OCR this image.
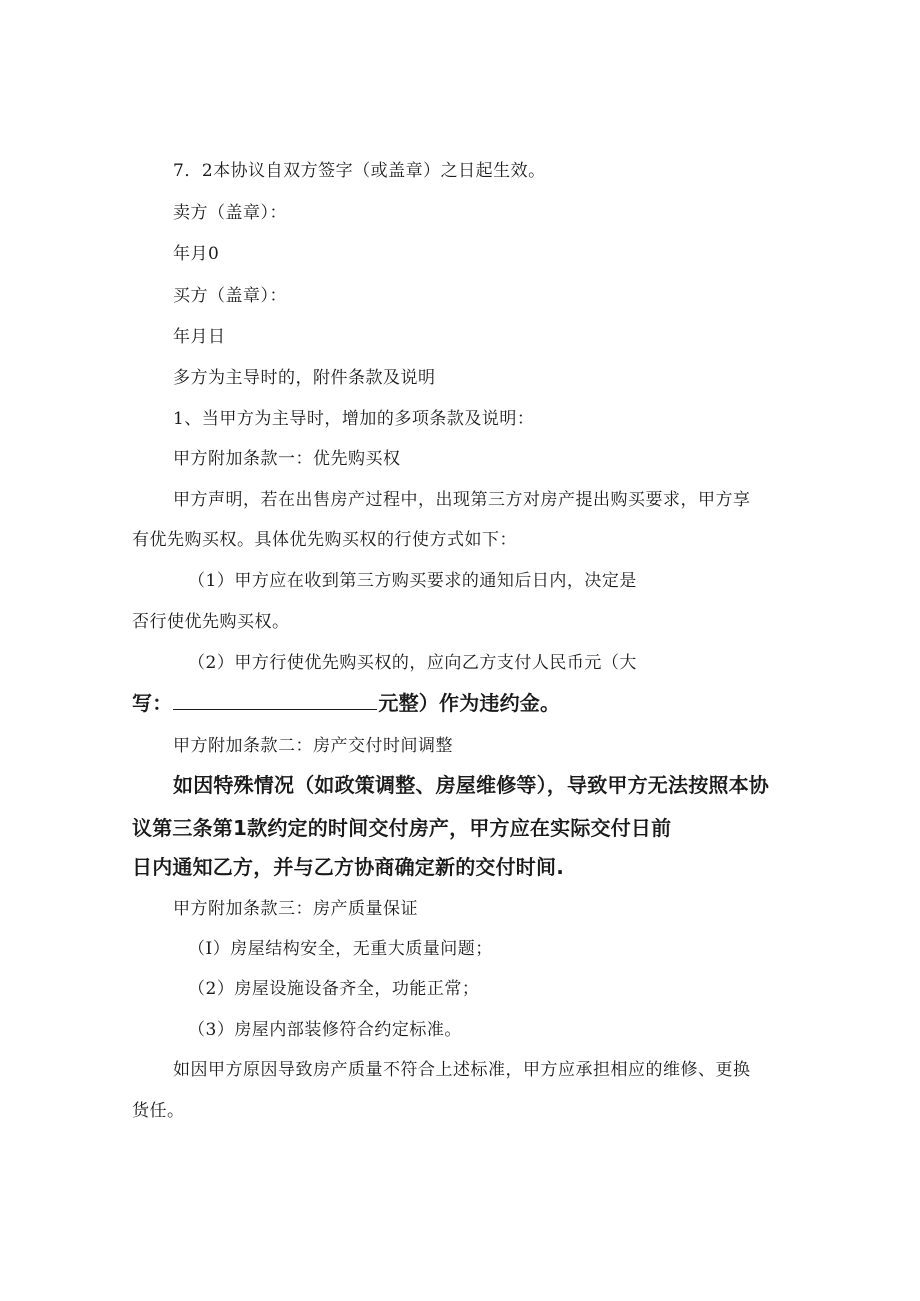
7．2本协议自双方签字（或盖章）之日起生效。
卖方（盖章）：
年月0
买方（盖章）：
年月日
多方为主导时的，附件条款及说明
1、当甲方为主导时，增加的多项条款及说明：
甲方附加条款一：优先购买权
甲方声明，若在出售房产过程中，出现第三方对房产提出购买要求，甲方享
有优先购买权。具体优先购买权的行使方式如下：
（1）甲方应在收到第三方购买要求的通知后日内，决定是
否行使优先购买权。
（2）甲方行使优先购买权的，应向乙方支付人民币元（大
写：	元整）作为违约金。
甲方附加条款二：房产交付时间调整
如因特殊情况（如政策调整、房屋维修等），导致甲方无法按照本协
议第三条第1款约定的时间交付房产，甲方应在实际交付日前
日内通知乙方，并与乙方协商确定新的交付时间.
甲方附加条款三：房产质量保证
（I）房屋结构安全，无重大质量问题；
（2）房屋设施设备齐全，功能正常；
（3）房屋内部装修符合约定标准。
如因甲方原因导致房产质量不符合上述标准，甲方应承担相应的维修、更换
货任。
